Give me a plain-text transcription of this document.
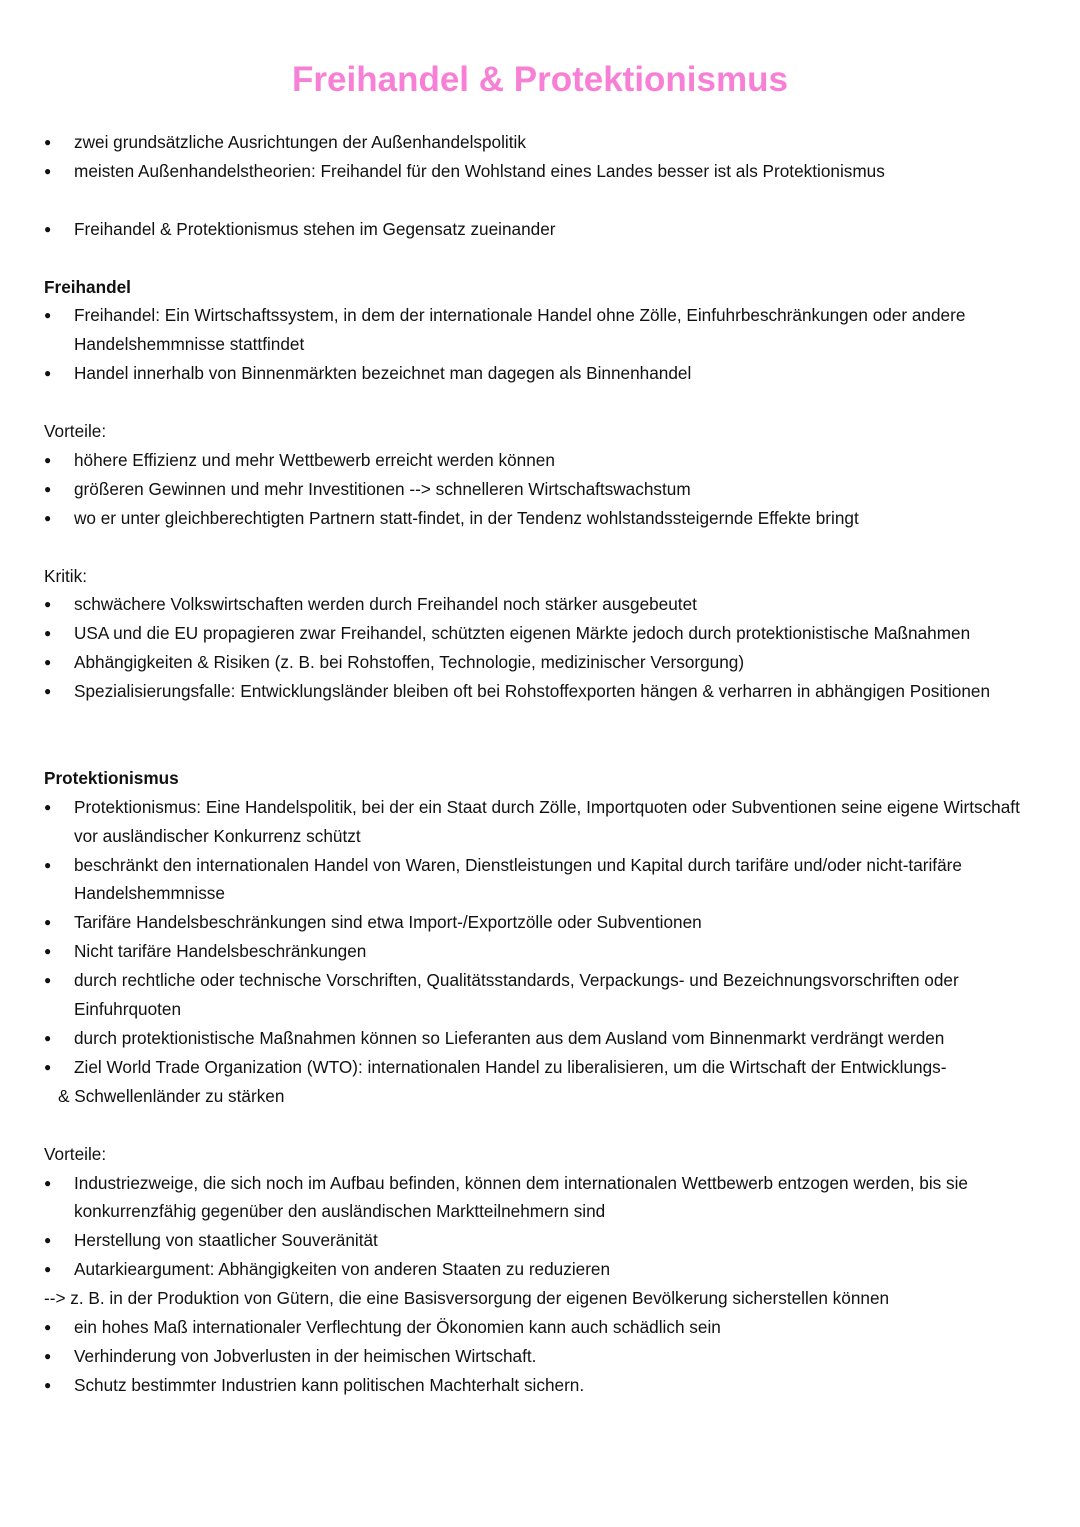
Freihandel & Protektionismus

● zwei grundsätzliche Ausrichtungen der Außenhandelspolitik

● meisten Außenhandelstheorien: Freihandel für den Wohlstand eines Landes besser ist als Protektionismus

● Freihandel & Protektionismus stehen im Gegensatz zueinander

Freihandel

● Freihandel: Ein Wirtschaftssystem, in dem der internationale Handel ohne Zölle, Einfuhrbeschränkungen oder andere Handelshemmnisse stattfindet

● Handel innerhalb von Binnenmärkten bezeichnet man dagegen als Binnenhandel

Vorteile:

● höhere Effizienz und mehr Wettbewerb erreicht werden können

● größeren Gewinnen und mehr Investitionen --> schnelleren Wirtschaftswachstum

● wo er unter gleichberechtigten Partnern statt-findet, in der Tendenz wohlstandssteigernde Effekte bringt

Kritik:

● schwächere Volkswirtschaften werden durch Freihandel noch stärker ausgebeutet

● USA und die EU propagieren zwar Freihandel, schützten eigenen Märkte jedoch durch protektionistische Maßnahmen

● Abhängigkeiten & Risiken (z. B. bei Rohstoffen, Technologie, medizinischer Versorgung)

● Spezialisierungsfalle: Entwicklungsländer bleiben oft bei Rohstoffexporten hängen & verharren in abhängigen Positionen

Protektionismus

● Protektionismus: Eine Handelspolitik, bei der ein Staat durch Zölle, Importquoten oder Subventionen seine eigene Wirtschaft vor ausländischer Konkurrenz schützt

● beschränkt den internationalen Handel von Waren, Dienstleistungen und Kapital durch tarifäre und/oder nicht-tarifäre Handelshemmnisse

● Tarifäre Handelsbeschränkungen sind etwa Import-/Exportzölle oder Subventionen

● Nicht tarifäre Handelsbeschränkungen

● durch rechtliche oder technische Vorschriften, Qualitätsstandards, Verpackungs- und Bezeichnungsvorschriften oder Einfuhrquoten

● durch protektionistische Maßnahmen können so Lieferanten aus dem Ausland vom Binnenmarkt verdrängt werden

● Ziel World Trade Organization (WTO): internationalen Handel zu liberalisieren, um die Wirtschaft der Entwicklungs-

& Schwellenländer zu stärken

Vorteile:

● Industriezweige, die sich noch im Aufbau befinden, können dem internationalen Wettbewerb entzogen werden, bis sie konkurrenzfähig gegenüber den ausländischen Marktteilnehmern sind

● Herstellung von staatlicher Souveränität

● Autarkieargument: Abhängigkeiten von anderen Staaten zu reduzieren

--> z. B. in der Produktion von Gütern, die eine Basisversorgung der eigenen Bevölkerung sicherstellen können

● ein hohes Maß internationaler Verflechtung der Ökonomien kann auch schädlich sein

● Verhinderung von Jobverlusten in der heimischen Wirtschaft.

● Schutz bestimmter Industrien kann politischen Machterhalt sichern.
